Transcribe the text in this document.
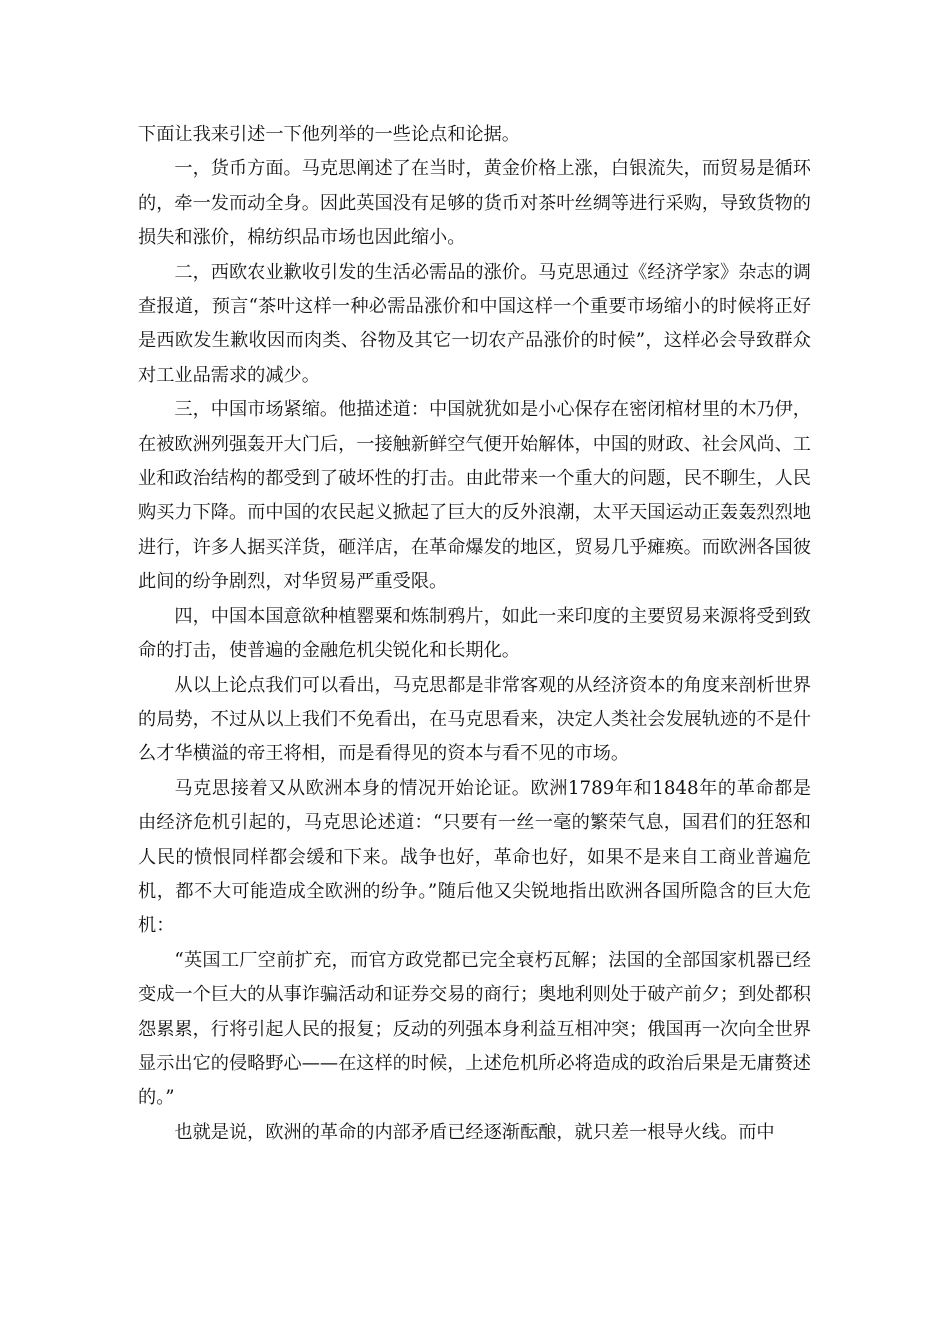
下面让我来引述一下他列举的一些论点和论据。

一，货币方面。马克思阐述了在当时，黄金价格上涨，白银流失，而贸易是循环的，牵一发而动全身。因此英国没有足够的货币对茶叶丝绸等进行采购，导致货物的损失和涨价，棉纺织品市场也因此缩小。

二，西欧农业歉收引发的生活必需品的涨价。马克思通过《经济学家》杂志的调查报道，预言“茶叶这样一种必需品涨价和中国这样一个重要市场缩小的时候将正好是西欧发生歉收因而肉类、谷物及其它一切农产品涨价的时候”，这样必会导致群众对工业品需求的减少。

三，中国市场紧缩。他描述道：中国就犹如是小心保存在密闭棺材里的木乃伊，在被欧洲列强轰开大门后，一接触新鲜空气便开始解体，中国的财政、社会风尚、工业和政治结构的都受到了破坏性的打击。由此带来一个重大的问题，民不聊生，人民购买力下降。而中国的农民起义掀起了巨大的反外浪潮，太平天国运动正轰轰烈烈地进行，许多人据买洋货，砸洋店，在革命爆发的地区，贸易几乎瘫痪。而欧洲各国彼此间的纷争剧烈，对华贸易严重受限。

四，中国本国意欲种植罂粟和炼制鸦片，如此一来印度的主要贸易来源将受到致命的打击，使普遍的金融危机尖锐化和长期化。

从以上论点我们可以看出，马克思都是非常客观的从经济资本的角度来剖析世界的局势，不过从以上我们不免看出，在马克思看来，决定人类社会发展轨迹的不是什么才华横溢的帝王将相，而是看得见的资本与看不见的市场。

马克思接着又从欧洲本身的情况开始论证。欧洲1789年和1848年的革命都是由经济危机引起的，马克思论述道：“只要有一丝一毫的繁荣气息，国君们的狂怒和人民的愤恨同样都会缓和下来。战争也好，革命也好，如果不是来自工商业普遍危机，都不大可能造成全欧洲的纷争。”随后他又尖锐地指出欧洲各国所隐含的巨大危机：

“英国工厂空前扩充，而官方政党都已完全衰朽瓦解；法国的全部国家机器已经变成一个巨大的从事诈骗活动和证券交易的商行；奥地利则处于破产前夕；到处都积怨累累，行将引起人民的报复；反动的列强本身利益互相冲突；俄国再一次向全世界显示出它的侵略野心——在这样的时候，上述危机所必将造成的政治后果是无庸赘述的。”

也就是说，欧洲的革命的内部矛盾已经逐渐酝酿，就只差一根导火线。而中
